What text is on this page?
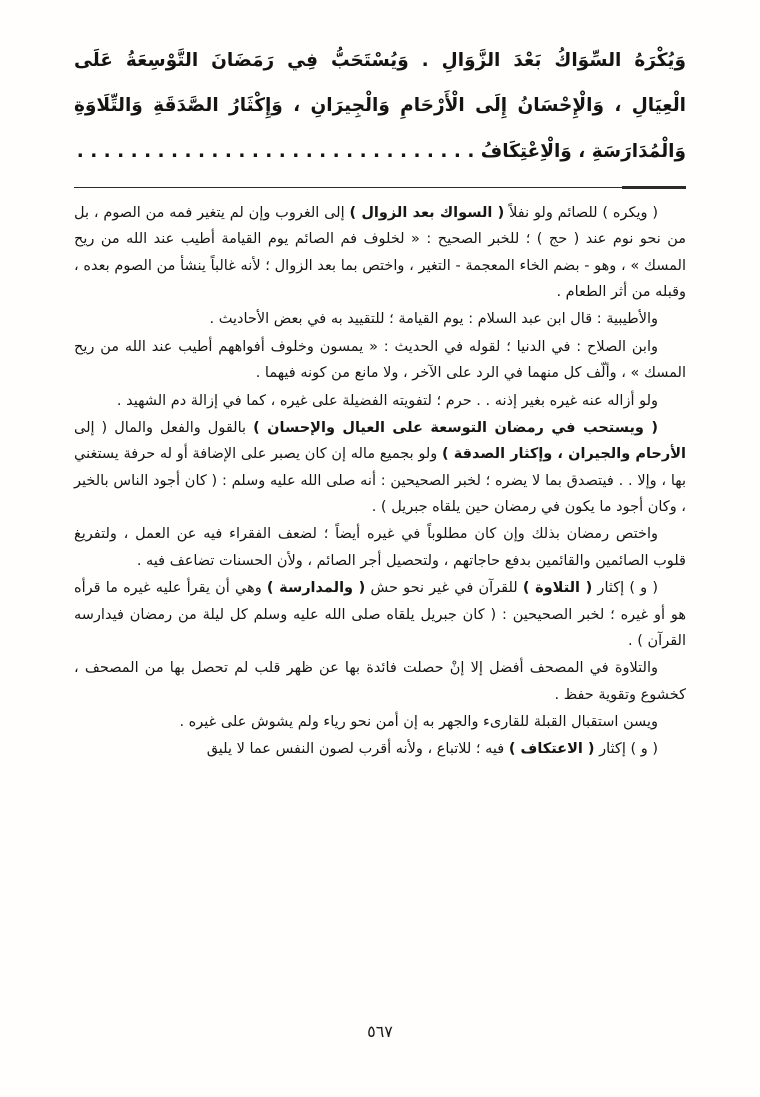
وَيُكْرَهُ السِّوَاكُ بَعْدَ الزَّوَالِ . وَيُسْتَحَبُّ فِي رَمَضَانَ التَّوْسِعَةُ عَلَى الْعِيَالِ ، وَالْإِحْسَانُ إِلَى الْأَرْحَامِ وَالْجِيرَانِ ، وَإِكْثَارُ الصَّدَقَةِ وَالتِّلَاوَةِ وَالْمُدَارَسَةِ ، وَالْاِعْتِكَافُ . . . . . . . . . . . . . . . . . . . . . . . . . . . . . .

( ويكره ) للصائم ولو نفلاً ( السواك بعد الزوال ) إلى الغروب وإن لم يتغير فمه من الصوم ، بل من نحو نوم عند ( حج ) ؛ للخبر الصحيح : « لخلوف فم الصائم يوم القيامة أطيب عند الله من ريح المسك » ، وهو - بضم الخاء المعجمة - التغير ، واختص بما بعد الزوال ؛ لأنه غالباً ينشأ من الصوم بعده ، وقبله من أثر الطعام .

والأطيبية : قال ابن عبد السلام : يوم القيامة ؛ للتقييد به في بعض الأحاديث .

وابن الصلاح : في الدنيا ؛ لقوله في الحديث : « يمسون وخلوف أفواههم أطيب عند الله من ريح المسك » ، وألّف كل منهما في الرد على الآخر ، ولا مانع من كونه فيهما .

ولو أزاله عنه غيره بغير إذنه . . حرم ؛ لتفويته الفضيلة على غيره ، كما في إزالة دم الشهيد .

( ويستحب في رمضان التوسعة على العيال والإحسان ) بالقول والفعل والمال ( إلى الأرحام والجيران ، وإكثار الصدقة ) ولو بجميع ماله إن كان يصبر على الإضافة أو له حرفة يستغني بها ، وإلا . . فيتصدق بما لا يضره ؛ لخبر الصحيحين : أنه صلى الله عليه وسلم : ( كان أجود الناس بالخير ، وكان أجود ما يكون في رمضان حين يلقاه جبريل ) .

واختص رمضان بذلك وإن كان مطلوباً في غيره أيضاً ؛ لضعف الفقراء فيه عن العمل ، ولتفريغ قلوب الصائمين والقائمين بدفع حاجاتهم ، ولتحصيل أجر الصائم ، ولأن الحسنات تضاعف فيه .

( و ) إكثار ( التلاوة ) للقرآن في غير نحو حش ( والمدارسة ) وهي أن يقرأ عليه غيره ما قرأه هو أو غيره ؛ لخبر الصحيحين : ( كان جبريل يلقاه صلى الله عليه وسلم كل ليلة من رمضان فيدارسه القرآن ) .

والتلاوة في المصحف أفضل إلا إنْ حصلت فائدة بها عن ظهر قلب لم تحصل بها من المصحف ، كخشوع وتقوية حفظ .

ويسن استقبال القبلة للقارىء والجهر به إن أمن نحو رياء ولم يشوش على غيره .

( و ) إكثار ( الاعتكاف ) فيه ؛ للاتباع ، ولأنه أقرب لصون النفس عما لا يليق

٥٦٧
